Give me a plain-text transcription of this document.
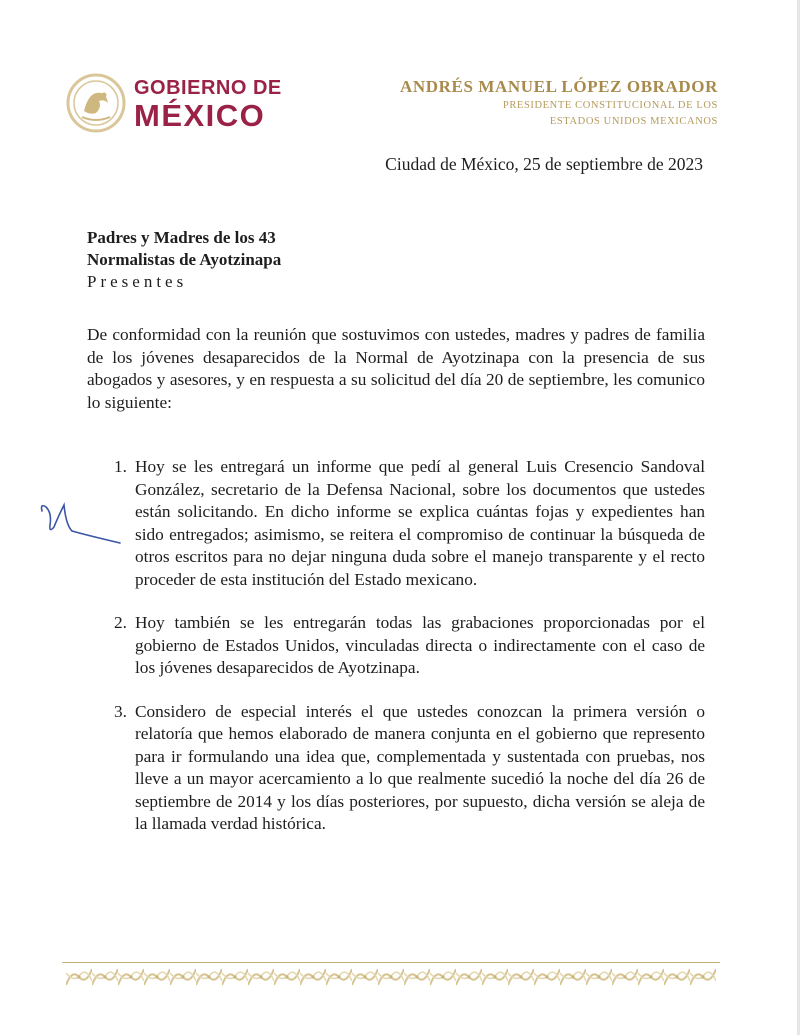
GOBIERNO DE
MÉXICO
ANDRÉS MANUEL LÓPEZ OBRADOR
PRESIDENTE CONSTITUCIONAL DE LOS
ESTADOS UNIDOS MEXICANOS
Ciudad de México, 25 de septiembre de 2023
Padres y Madres de los 43
Normalistas de Ayotzinapa
Presentes
De conformidad con la reunión que sostuvimos con ustedes, madres y padres de familia de los jóvenes desaparecidos de la Normal de Ayotzinapa con la presencia de sus abogados y asesores, y en respuesta a su solicitud del día 20 de septiembre, les comunico lo siguiente:
1. Hoy se les entregará un informe que pedí al general Luis Cresencio Sandoval González, secretario de la Defensa Nacional, sobre los documentos que ustedes están solicitando. En dicho informe se explica cuántas fojas y expedientes han sido entregados; asimismo, se reitera el compromiso de continuar la búsqueda de otros escritos para no dejar ninguna duda sobre el manejo transparente y el recto proceder de esta institución del Estado mexicano.
2. Hoy también se les entregarán todas las grabaciones proporcionadas por el gobierno de Estados Unidos, vinculadas directa o indirectamente con el caso de los jóvenes desaparecidos de Ayotzinapa.
3. Considero de especial interés el que ustedes conozcan la primera versión o relatoría que hemos elaborado de manera conjunta en el gobierno que represento para ir formulando una idea que, complementada y sustentada con pruebas, nos lleve a un mayor acercamiento a lo que realmente sucedió la noche del día 26 de septiembre de 2014 y los días posteriores, por supuesto, dicha versión se aleja de la llamada verdad histórica.
